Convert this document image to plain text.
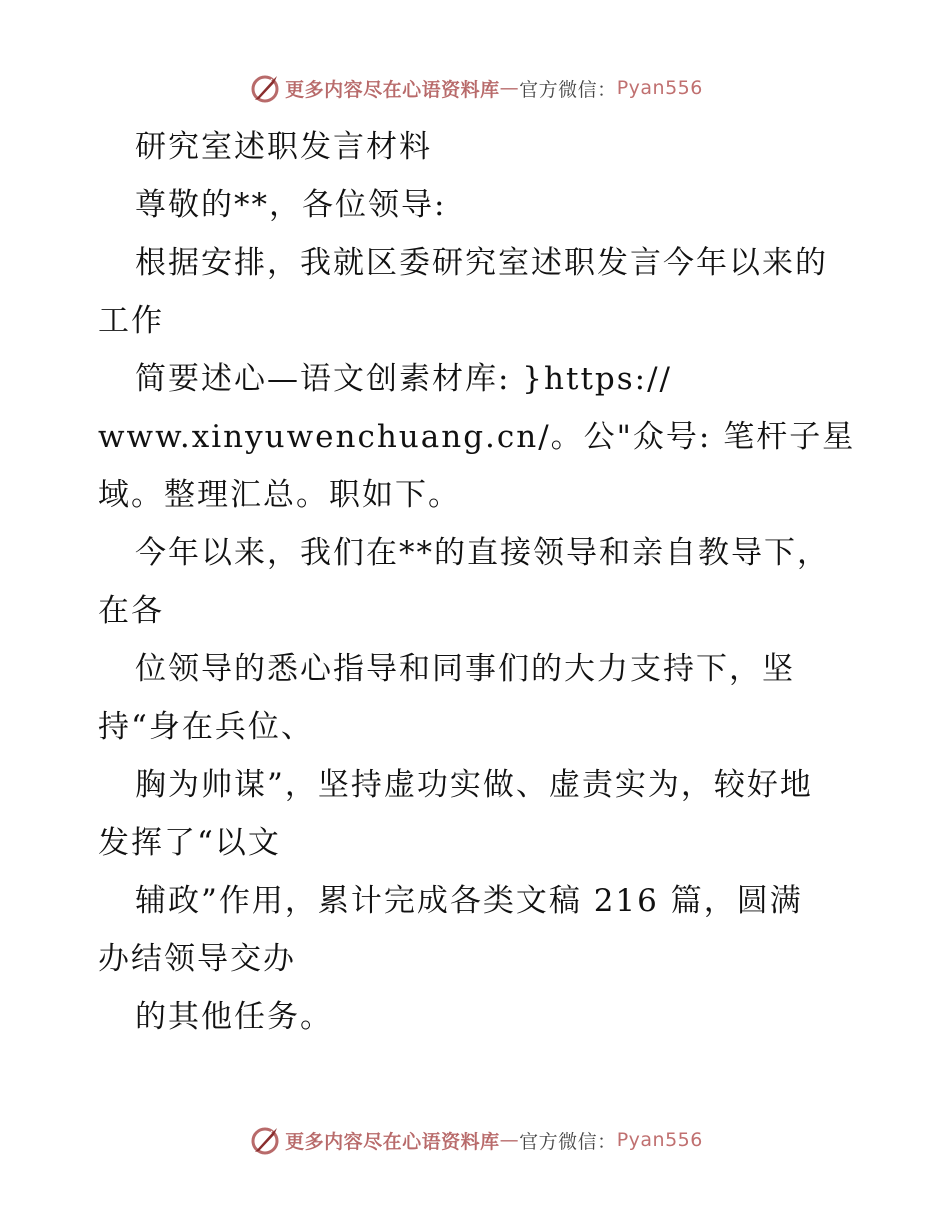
更多内容尽在心语资料库 — 官方微信： Pyan556
研究室述职发言材料
尊敬的**，各位领导:
根据安排，我就区委研究室述职发言今年以来的
工作
简要述心—语文创素材库: }https://
www.xinyuwenchuang.cn/。公"众号: 笔杆子星
域。整理汇总。职如下。
今年以来，我们在**的直接领导和亲自教导下，
在各
位领导的悉心指导和同事们的大力支持下，坚
持“身在兵位、
胸为帅谋”，坚持虚功实做、虚责实为，较好地
发挥了“以文
辅政”作用，累计完成各类文稿 216 篇，圆满
办结领导交办
的其他任务。
更多内容尽在心语资料库 — 官方微信： Pyan556
